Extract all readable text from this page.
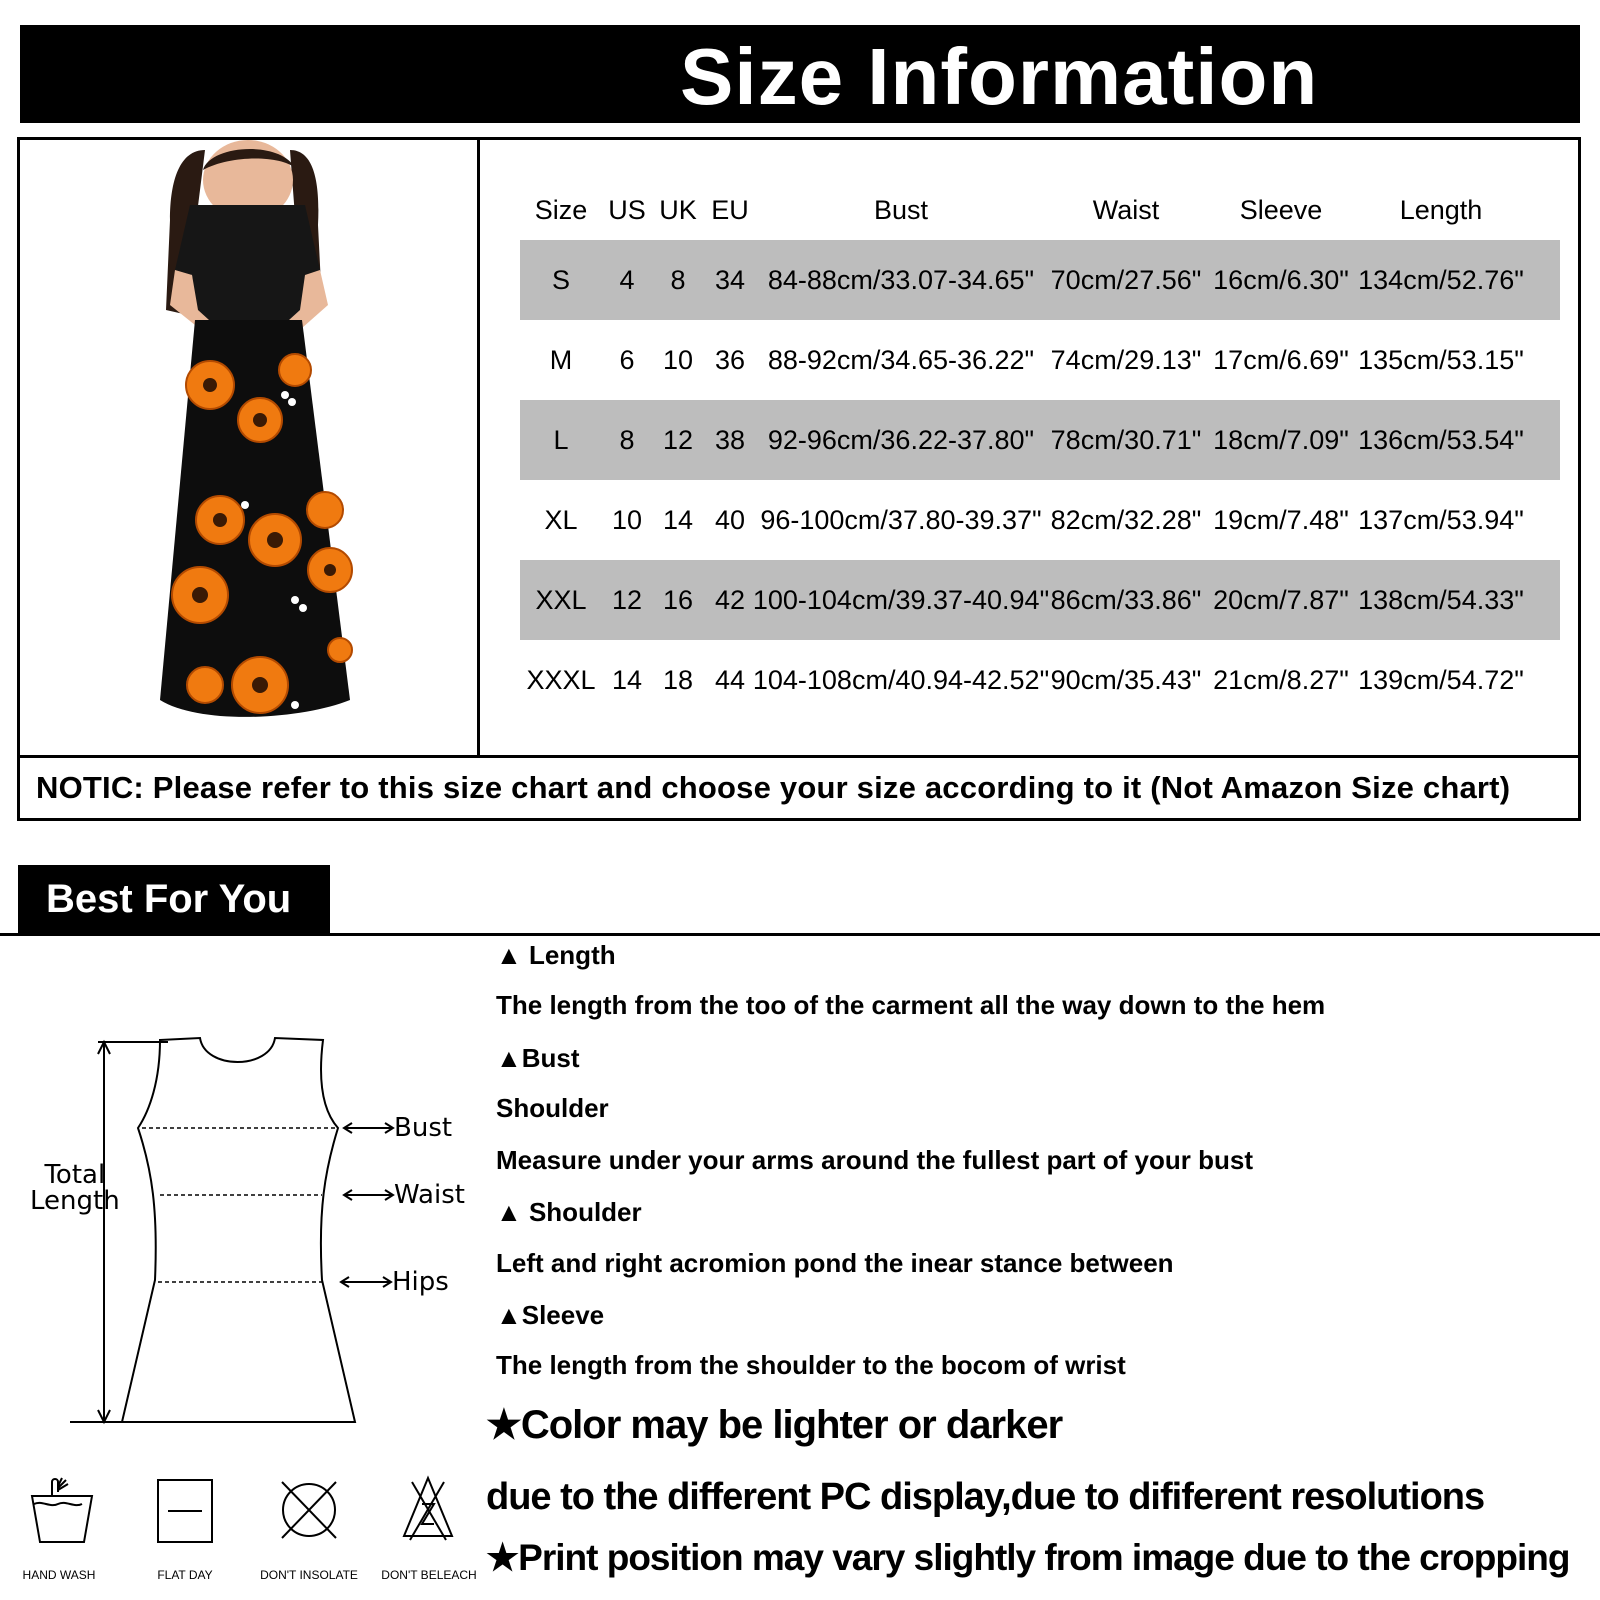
Size Information
Size US UK EU	Bust	Waist	Sleeve	Length
S	4	8	34 84-88cm/33.07-34.65" 70cm/27.56" 16cm/6.30" 134cm/52.76"
M	6	10 36 88-92cm/34.65-36.22" 74cm/29.13" 17cm/6.69" 135cm/53.15"
L	8	12 38 92-96cm/36.22-37.80" 78cm/30.71" 18cm/7.09" 136cm/53.54"
XL	10 14 40 96-100cm/37.80-39.37" 82cm/32.28" 19cm/7.48" 137cm/53.94"
XXL 12 16 42 100-104cm/39.37-40.94" 86cm/33.86" 20cm/7.87" 138cm/54.33"
XXXL 14 18 44 104-108cm/40.94-42.52" 90cm/35.43" 21cm/8.27" 139cm/54.72"
NOTIC: Please refer to this size chart and choose your size according to it (Not Amazon Size chart)
Best For You
▲ Length
The length from the too of the carment all the way down to the hem
▲Bust
Shoulder
Measure under your arms around the fullest part of your bust
▲ Shoulder
Left and right acromion pond the inear stance between
▲Sleeve
The length from the shoulder to the bocom of wrist
★Color may be lighter or darker
due to the different PC display,due to dififerent resolutions
★Print position may vary slightly from image due to the cropping
Total
Length
Bust
Waist
Hips
HAND WASH	FLAT DAY	DON'T INSOLATE	DON'T BELEACH
